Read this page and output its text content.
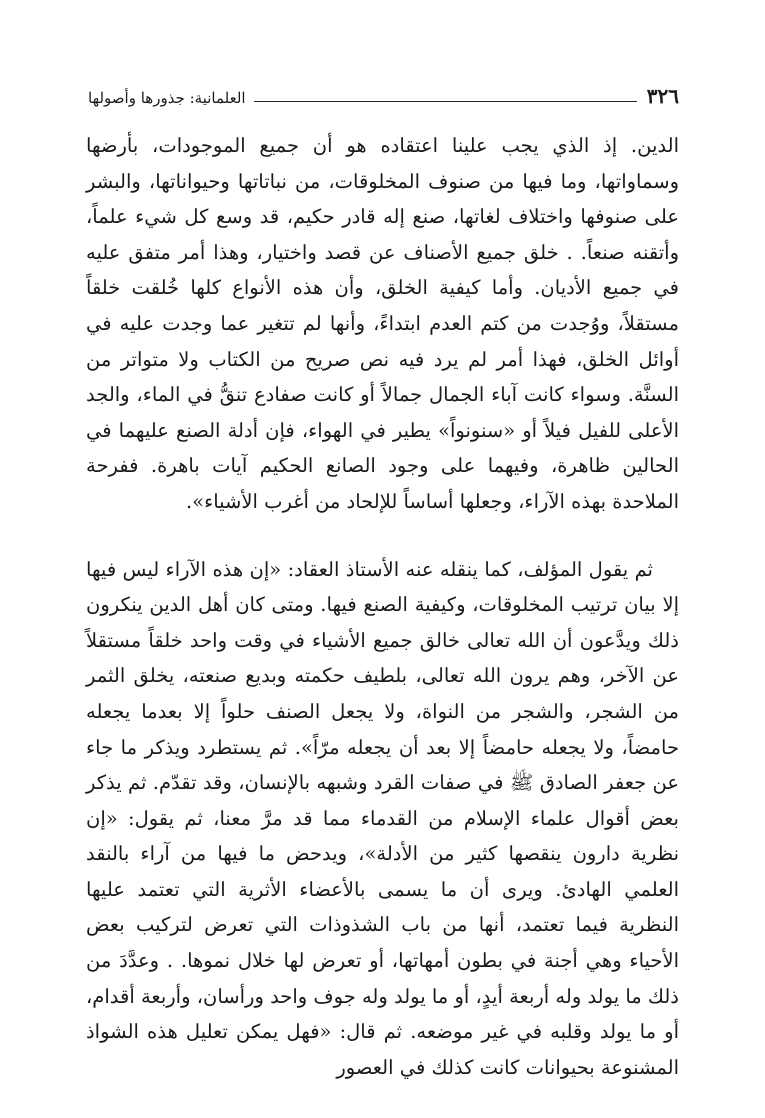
٣٢٦
العلمانية: جذورها وأصولها

الدين. إذ الذي يجب علينا اعتقاده هو أن جميع الموجودات، بأرضها وسماواتها، وما فيها من صنوف المخلوقات، من نباتاتها وحيواناتها، والبشر على صنوفها واختلاف لغاتها، صنع إله قادر حكيم، قد وسع كل شيء علماً، وأتقنه صنعاً. . خلق جميع الأصناف عن قصد واختيار، وهذا أمر متفق عليه في جميع الأديان. وأما كيفية الخلق، وأن هذه الأنواع كلها خُلقت خلقاً مستقلاً، ووُجدت من كتم العدم ابتداءً، وأنها لم تتغير عما وجدت عليه في أوائل الخلق، فهذا أمر لم يرد فيه نص صريح من الكتاب ولا متواتر من السنَّة. وسواء كانت آباء الجمال جمالاً أو كانت صفادع تنقُّ في الماء، والجد الأعلى للفيل فيلاً أو «سنونواً» يطير في الهواء، فإن أدلة الصنع عليهما في الحالين ظاهرة، وفيهما على وجود الصانع الحكيم آيات باهرة. ففرحة الملاحدة بهذه الآراء، وجعلها أساساً للإلحاد من أغرب الأشياء».

ثم يقول المؤلف، كما ينقله عنه الأستاذ العقاد: «إن هذه الآراء ليس فيها إلا بيان ترتيب المخلوقات، وكيفية الصنع فيها. ومتى كان أهل الدين ينكرون ذلك ويدَّعون أن الله تعالى خالق جميع الأشياء في وقت واحد خلقاً مستقلاً عن الآخر، وهم يرون الله تعالى، بلطيف حكمته وبديع صنعته، يخلق الثمر من الشجر، والشجر من النواة، ولا يجعل الصنف حلواً إلا بعدما يجعله حامضاً، ولا يجعله حامضاً إلا بعد أن يجعله مرّاً». ثم يستطرد ويذكر ما جاء عن جعفر الصادق ﷺ في صفات القرد وشبهه بالإنسان، وقد تقدّم. ثم يذكر بعض أقوال علماء الإسلام من القدماء مما قد مرَّ معنا، ثم يقول: «إن نظرية دارون ينقصها كثير من الأدلة»، ويدحض ما فيها من آراء بالنقد العلمي الهادئ. ويرى أن ما يسمى بالأعضاء الأثرية التي تعتمد عليها النظرية فيما تعتمد، أنها من باب الشذوذات التي تعرض لتركيب بعض الأحياء وهي أجنة في بطون أمهاتها، أو تعرض لها خلال نموها. . وعدَّدَ من ذلك ما يولد وله أربعة أيدٍ، أو ما يولد وله جوف واحد ورأسان، وأربعة أقدام، أو ما يولد وقلبه في غير موضعه. ثم قال: «فهل يمكن تعليل هذه الشواذ المشنوعة بحيوانات كانت كذلك في العصور
